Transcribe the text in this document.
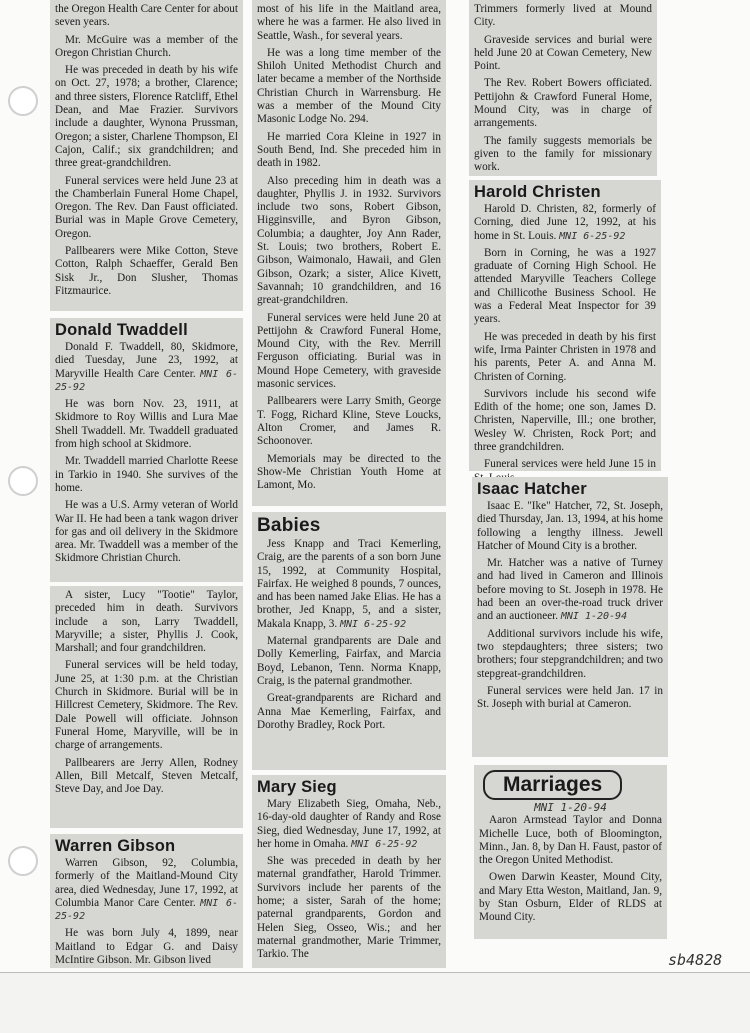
the Oregon Health Care Center for about seven years.

Mr. McGuire was a member of the Oregon Christian Church.

He was preceded in death by his wife on Oct. 27, 1978; a brother, Clarence; and three sisters, Florence Ratcliff, Ethel Dean, and Mae Frazier. Survivors include a daughter, Wynona Prussman, Oregon; a sister, Charlene Thompson, El Cajon, Calif.; six grandchildren; and three great-grandchildren.

Funeral services were held June 23 at the Chamberlain Funeral Home Chapel, Oregon. The Rev. Dan Faust officiated. Burial was in Maple Grove Cemetery, Oregon.

Pallbearers were Mike Cotton, Steve Cotton, Ralph Schaeffer, Gerald Ben Sisk Jr., Don Slusher, Thomas Fitzmaurice.

Donald Twaddell

Donald F. Twaddell, 80, Skidmore, died Tuesday, June 23, 1992, at Maryville Health Care Center. MNI 6-25-92

He was born Nov. 23, 1911, at Skidmore to Roy Willis and Lura Mae Shell Twaddell. Mr. Twaddell graduated from high school at Skidmore.

Mr. Twaddell married Charlotte Reese in Tarkio in 1940. She survives of the home.

He was a U.S. Army veteran of World War II. He had been a tank wagon driver for gas and oil delivery in the Skidmore area. Mr. Twaddell was a member of the Skidmore Christian Church.

A sister, Lucy "Tootie" Taylor, preceded him in death. Survivors include a son, Larry Twaddell, Maryville; a sister, Phyllis J. Cook, Marshall; and four grandchildren.

Funeral services will be held today, June 25, at 1:30 p.m. at the Christian Church in Skidmore. Burial will be in Hillcrest Cemetery, Skidmore. The Rev. Dale Powell will officiate. Johnson Funeral Home, Maryville, will be in charge of arrangements.

Pallbearers are Jerry Allen, Rodney Allen, Bill Metcalf, Steven Metcalf, Steve Day, and Joe Day.

Warren Gibson

Warren Gibson, 92, Columbia, formerly of the Maitland-Mound City area, died Wednesday, June 17, 1992, at Columbia Manor Care Center. MNI 6-25-92

He was born July 4, 1899, near Maitland to Edgar G. and Daisy McIntire Gibson. Mr. Gibson lived

most of his life in the Maitland area, where he was a farmer. He also lived in Seattle, Wash., for several years.

He was a long time member of the Shiloh United Methodist Church and later became a member of the Northside Christian Church in Warrensburg. He was a member of the Mound City Masonic Lodge No. 294.

He married Cora Kleine in 1927 in South Bend, Ind. She preceded him in death in 1982.

Also preceding him in death was a daughter, Phyllis J. in 1932. Survivors include two sons, Robert Gibson, Higginsville, and Byron Gibson, Columbia; a daughter, Joy Ann Rader, St. Louis; two brothers, Robert E. Gibson, Waimonalo, Hawaii, and Glen Gibson, Ozark; a sister, Alice Kivett, Savannah; 10 grandchildren, and 16 great-grandchildren.

Funeral services were held June 20 at Pettijohn & Crawford Funeral Home, Mound City, with the Rev. Merrill Ferguson officiating. Burial was in Mound Hope Cemetery, with graveside masonic services.

Pallbearers were Larry Smith, George T. Fogg, Richard Kline, Steve Loucks, Alton Cromer, and James R. Schoonover.

Memorials may be directed to the Show-Me Christian Youth Home at Lamont, Mo.

Babies

Jess Knapp and Traci Kemerling, Craig, are the parents of a son born June 15, 1992, at Community Hospital, Fairfax. He weighed 8 pounds, 7 ounces, and has been named Jake Elias. He has a brother, Jed Knapp, 5, and a sister, Makala Knapp, 3. MNI 6-25-92

Maternal grandparents are Dale and Dolly Kemerling, Fairfax, and Marcia Boyd, Lebanon, Tenn. Norma Knapp, Craig, is the paternal grandmother.

Great-grandparents are Richard and Anna Mae Kemerling, Fairfax, and Dorothy Bradley, Rock Port.

Mary Sieg

Mary Elizabeth Sieg, Omaha, Neb., 16-day-old daughter of Randy and Rose Sieg, died Wednesday, June 17, 1992, at her home in Omaha. MNI 6-25-92

She was preceded in death by her maternal grandfather, Harold Trimmer. Survivors include her parents of the home; a sister, Sarah of the home; paternal grandparents, Gordon and Helen Sieg, Osseo, Wis.; and her maternal grandmother, Marie Trimmer, Tarkio. The

Trimmers formerly lived at Mound City.

Graveside services and burial were held June 20 at Cowan Cemetery, New Point.

The Rev. Robert Bowers officiated. Pettijohn & Crawford Funeral Home, Mound City, was in charge of arrangements.

The family suggests memorials be given to the family for missionary work.

Harold Christen

Harold D. Christen, 82, formerly of Corning, died June 12, 1992, at his home in St. Louis. MNI 6-25-92

Born in Corning, he was a 1927 graduate of Corning High School. He attended Maryville Teachers College and Chillicothe Business School. He was a Federal Meat Inspector for 39 years.

He was preceded in death by his first wife, Irma Painter Christen in 1978 and his parents, Peter A. and Anna M. Christen of Corning.

Survivors include his second wife Edith of the home; one son, James D. Christen, Naperville, Ill.; one brother, Wesley W. Christen, Rock Port; and three grandchildren.

Funeral services were held June 15 in

Isaac Hatcher

Isaac E. "Ike" Hatcher, 72, St. Joseph, died Thursday, Jan. 13, 1994, at his home following a lengthy illness. Jewell Hatcher of Mound City is a brother.

Mr. Hatcher was a native of Turney and had lived in Cameron and Illinois before moving to St. Joseph in 1978. He had been an over-the-road truck driver and an auctioneer. MNI 1-20-94

Additional survivors include his wife, two stepdaughters; three sisters; two brothers; four stepgrandchildren; and two stepgreat-grandchildren.

Funeral services were held Jan. 17 in St. Joseph with burial at Cameron.

Marriages
MNI 1-20-94

Aaron Armstead Taylor and Donna Michelle Luce, both of Bloomington, Minn., Jan. 8, by Dan H. Faust, pastor of the Oregon United Methodist.

Owen Darwin Keaster, Mound City, and Mary Etta Weston, Maitland, Jan. 9, by Stan Osburn, Elder of RLDS at Mound City.

sb4828
